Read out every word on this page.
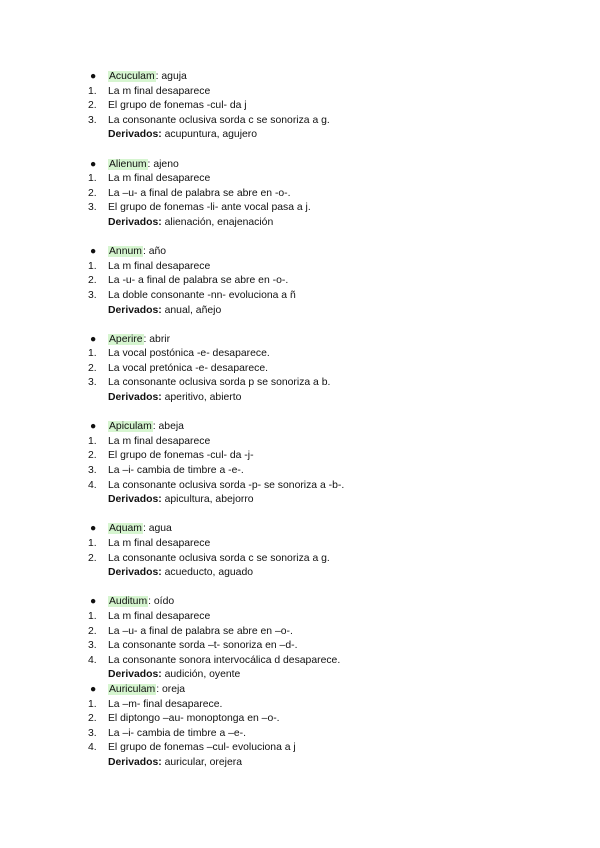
● Acuculam: aguja
1.	La m final desaparece
2.	El grupo de fonemas -cul- da j
3.	La consonante oclusiva sorda c se sonoriza a g.
Derivados: acupuntura, agujero
● Alienum: ajeno
1.	La m final desaparece
2.	La –u- a final de palabra se abre en -o-.
3.	El grupo de fonemas -li- ante vocal pasa a j.
Derivados: alienación, enajenación
● Annum: año
1.	La m final desaparece
2.	La -u- a final de palabra se abre en -o-.
3.	La doble consonante -nn- evoluciona a ñ
Derivados: anual, añejo
● Aperire: abrir
1.	La vocal postónica -e- desaparece.
2.	La vocal pretónica -e- desaparece.
3.	La consonante oclusiva sorda p se sonoriza a b.
Derivados: aperitivo, abierto
● Apiculam: abeja
1.	La m final desaparece
2.	El grupo de fonemas -cul- da -j-
3.	La –i- cambia de timbre a -e-.
4.	La consonante oclusiva sorda -p- se sonoriza a -b-.
Derivados: apicultura, abejorro
● Aquam: agua
1.	La m final desaparece
2.	La consonante oclusiva sorda c se sonoriza a g.
Derivados: acueducto, aguado
● Auditum: oído
1.	La m final desaparece
2.	La –u- a final de palabra se abre en –o-.
3.	La consonante sorda –t- sonoriza en –d-.
4.	La consonante sonora intervocálica d desaparece.
Derivados: audición, oyente
● Auriculam: oreja
1.	La –m- final desaparece.
2.	El diptongo –au- monoptonga en –o-.
3.	La –i- cambia de timbre a –e-.
4.	El grupo de fonemas –cul- evoluciona a j
Derivados: auricular, orejera
